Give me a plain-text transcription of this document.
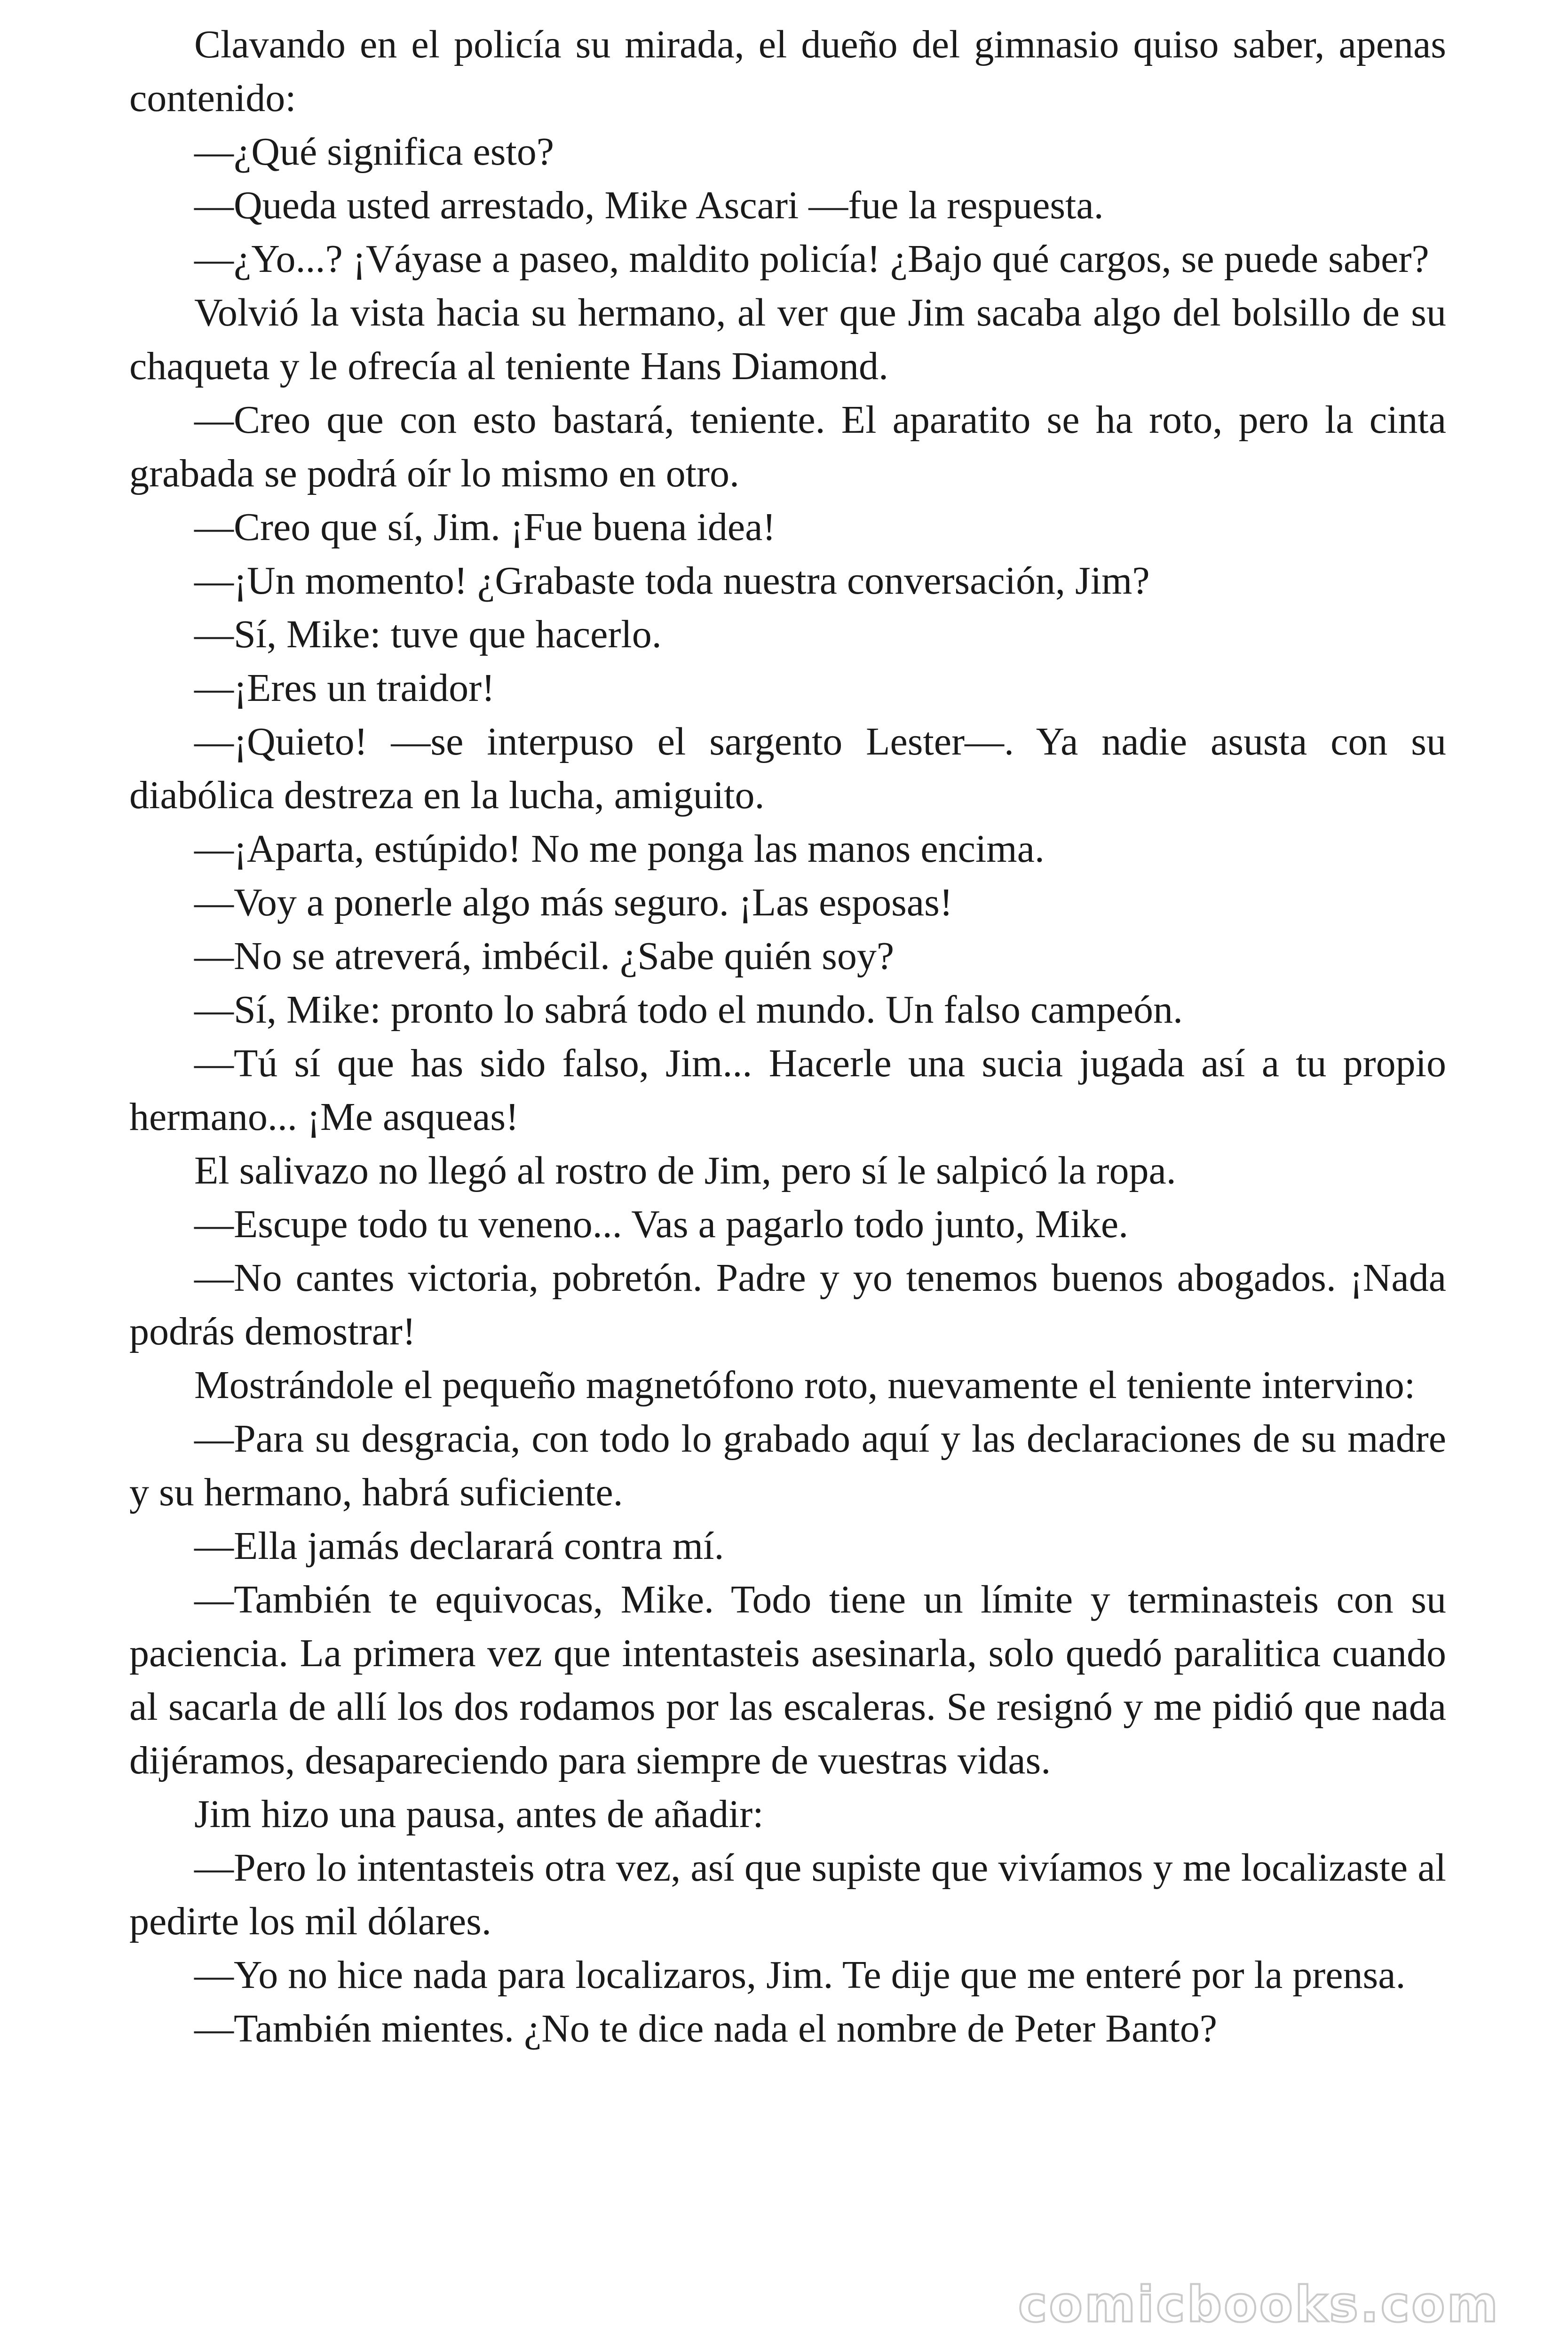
Clavando en el policía su mirada, el dueño del gimnasio quiso saber, apenas contenido:

—¿Qué significa esto?

—Queda usted arrestado, Mike Ascari —fue la respuesta.

—¿Yo...? ¡Váyase a paseo, maldito policía! ¿Bajo qué cargos, se puede saber?

Volvió la vista hacia su hermano, al ver que Jim sacaba algo del bolsillo de su chaqueta y le ofrecía al teniente Hans Diamond.

—Creo que con esto bastará, teniente. El aparatito se ha roto, pero la cinta grabada se podrá oír lo mismo en otro.

—Creo que sí, Jim. ¡Fue buena idea!

—¡Un momento! ¿Grabaste toda nuestra conversación, Jim?

—Sí, Mike: tuve que hacerlo.

—¡Eres un traidor!

—¡Quieto! —se interpuso el sargento Lester—. Ya nadie asusta con su diabólica destreza en la lucha, amiguito.

—¡Aparta, estúpido! No me ponga las manos encima.

—Voy a ponerle algo más seguro. ¡Las esposas!

—No se atreverá, imbécil. ¿Sabe quién soy?

—Sí, Mike: pronto lo sabrá todo el mundo. Un falso campeón.

—Tú sí que has sido falso, Jim... Hacerle una sucia jugada así a tu propio hermano... ¡Me asqueas!

El salivazo no llegó al rostro de Jim, pero sí le salpicó la ropa.

—Escupe todo tu veneno... Vas a pagarlo todo junto, Mike.

—No cantes victoria, pobretón. Padre y yo tenemos buenos abogados. ¡Nada podrás demostrar!

Mostrándole el pequeño magnetófono roto, nuevamente el teniente intervino:

—Para su desgracia, con todo lo grabado aquí y las declaraciones de su madre y su hermano, habrá suficiente.

—Ella jamás declarará contra mí.

—También te equivocas, Mike. Todo tiene un límite y terminasteis con su paciencia. La primera vez que intentasteis asesinarla, solo quedó paralitica cuando al sacarla de allí los dos rodamos por las escaleras. Se resignó y me pidió que nada dijéramos, desapareciendo para siempre de vuestras vidas.

Jim hizo una pausa, antes de añadir:

—Pero lo intentasteis otra vez, así que supiste que vivíamos y me localizaste al pedirte los mil dólares.

—Yo no hice nada para localizaros, Jim. Te dije que me enteré por la prensa.

—También mientes. ¿No te dice nada el nombre de Peter Banto?

comicbooks.com
